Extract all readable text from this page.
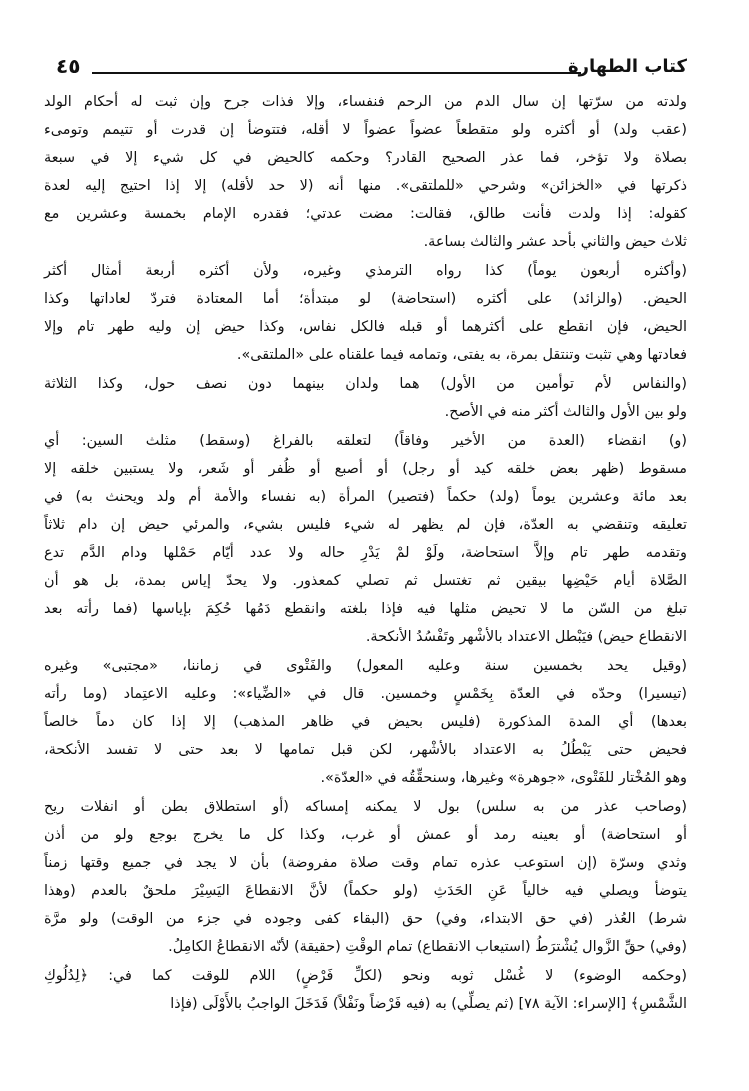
كتاب الطهارة
٤٥
ولدته من سرّتها إن سال الدم من الرحم فنفساء، وإلا فذات جرح وإن ثبت له أحكام الولد
(عقب ولد) أو أكثره ولو متقطعاً عضواً عضواً لا أقله، فتتوضأ إن قدرت أو تتيمم وتومىء
بصلاة ولا تؤخر، فما عذر الصحيح القادر؟ وحكمه كالحيض في كل شيء إلا في سبعة
ذكرتها في «الخزائن» وشرحي «للملتقى». منها أنه (لا حد لأقله) إلا إذا احتيج إليه لعدة
كقوله: إذا ولدت فأنت طالق، فقالت: مضت عدتي؛ فقدره الإمام بخمسة وعشرين مع
ثلاث حيض والثاني بأحد عشر والثالث بساعة.
(وأكثره أربعون يوماً) كذا رواه الترمذي وغيره، ولأن أكثره أربعة أمثال أكثر
الحيض. (والزائد) على أكثره (استحاضة) لو مبتدأة؛ أما المعتادة فتردّ لعاداتها وكذا
الحيض، فإن انقطع على أكثرهما أو قبله فالكل نفاس، وكذا حيض إن وليه طهر تام وإلا
فعادتها وهي تثبت وتنتقل بمرة، به يفتى، وتمامه فيما علقناه على «الملتقى».
(والنفاس لأم توأمين من الأول) هما ولدان بينهما دون نصف حول، وكذا الثلاثة
ولو بين الأول والثالث أكثر منه في الأصح.
(و) انقضاء (العدة من الأخير وفاقاً) لتعلقه بالفراغ (وسقط) مثلث السين: أي
مسقوط (ظهر بعض خلقه كيد أو رجل) أو أصبع أو ظُفر أو شَعر، ولا يستبين خلقه إلا
بعد مائة وعشرين يوماً (ولد) حكماً (فتصير) المرأة (به نفساء والأمة أم ولد ويحنث به) في
تعليقه وتنقضي به العدّة، فإن لم يظهر له شيء فليس بشيء، والمرئي حيض إن دام ثلاثاً
وتقدمه طهر تام وإلاَّ استحاضة، ولَوْ لمْ يَدْرِ حاله ولا عدد أيّام حَمْلها ودام الدَّم تدع
الصَّلاة أيام حَيْضِها بيقين ثم تغتسل ثم تصلي كمعذور. ولا يحدّ إياس بمدة، بل هو أن
تبلغ من السّن ما لا تحيض مثلها فيه فإذا بلغته وانقطع دَمُها حُكِمَ بإياسها (فما رأته بعد
الانقطاع حيض) فيَبْطل الاعتداد بالأشْهر وتَفْسُدُ الأنكحة.
(وقيل يحد بخمسين سنة وعليه المعول) والفَتْوى في زماننا، «مجتبى» وغيره
(تيسيرا) وحدّه في العدّة بِخَمْسٍ وخمسين. قال في «الضِّياء»: وعليه الاعتِماد (وما رأته
بعدها) أي المدة المذكورة (فليس بحيض في ظاهر المذهب) إلا إذا كان دماً خالصاً
فحيض حتى يَبْطُلُ به الاعتداد بالأشْهر، لكن قبل تمامها لا بعد حتى لا تفسد الأنكحة،
وهو المُخْتار للفَتْوى، «جوهرة» وغيرها، وسنحقِّقُه في «العدّة».
(وصاحب عذر من به سلس) بول لا يمكنه إمساكه (أو استطلاق بطن أو انفلات ريح
أو استحاضة) أو بعينه رمد أو عمش أو غرب، وكذا كل ما يخرج بوجع ولو من أذن
وثدي وسرّة (إن استوعب عذره تمام وقت صلاة مفروضة) بأن لا يجد في جميع وقتها زمناً
يتوضأ ويصلي فيه خالياً عَنِ الحَدَثِ (ولو حكماً) لأنَّ الانقطاعَ اليَسِيْرَ ملحقٌ بالعدم (وهذا
شرط) العُذر (في حق الابتداء، وفي) حق (البقاء كفى وجوده في جزء من الوقت) ولو مرَّة
(وفي) حقِّ الزَّوال يُشْترَطُ (استيعاب الانقطاع) تمام الوقْتِ (حقيقة) لأنّه الانقطاعُ الكامِلُ.
(وحكمه الوضوء) لا غُسْل ثوبه ونحو (لكلِّ فَرْضٍ) اللام للوقت كما في: ﴿لِدُلُوكِ
الشَّمْسِ﴾ [الإسراء: الآية ٧٨] (ثم يصلِّي) به (فيه فَرْضاً ونَفْلاً) فَدَخَلَ الواجبُ بالأَوْلَى (فإذا
